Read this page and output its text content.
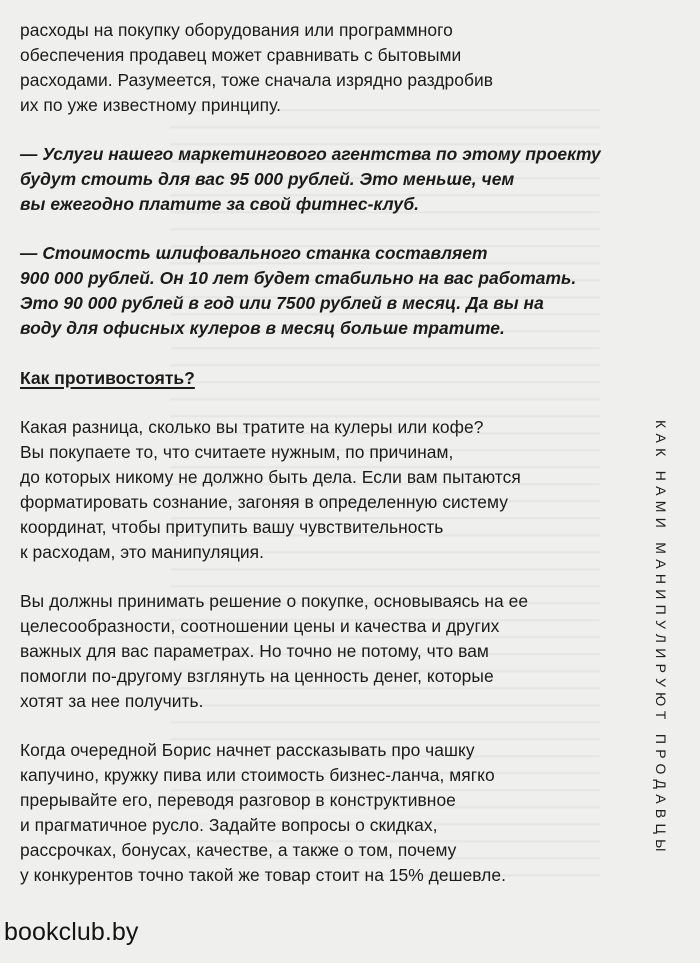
расходы на покупку оборудования или программного
обеспечения продавец может сравнивать с бытовыми
расходами. Разумеется, тоже сначала изрядно раздробив
их по уже известному принципу.

— Услуги нашего маркетингового агентства по этому проекту
будут стоить для вас 95 000 рублей. Это меньше, чем
вы ежегодно платите за свой фитнес-клуб.

— Стоимость шлифовального станка составляет
900 000 рублей. Он 10 лет будет стабильно на вас работать.
Это 90 000 рублей в год или 7500 рублей в месяц. Да вы на
воду для офисных кулеров в месяц больше тратите.

Как противостоять?

Какая разница, сколько вы тратите на кулеры или кофе?
Вы покупаете то, что считаете нужным, по причинам,
до которых никому не должно быть дела. Если вам пытаются
форматировать сознание, загоняя в определенную систему
координат, чтобы притупить вашу чувствительность
к расходам, это манипуляция.

Вы должны принимать решение о покупке, основываясь на ее
целесообразности, соотношении цены и качества и других
важных для вас параметрах. Но точно не потому, что вам
помогли по-другому взглянуть на ценность денег, которые
хотят за нее получить.

Когда очередной Борис начнет рассказывать про чашку
капучино, кружку пива или стоимость бизнес-ланча, мягко
прерывайте его, переводя разговор в конструктивное
и прагматичное русло. Задайте вопросы о скидках,
рассрочках, бонусах, качестве, а также о том, почему
у конкурентов точно такой же товар стоит на 15% дешевле.

КАК НАМИ МАНИПУЛИРУЮТ ПРОДАВЦЫ
bookclub.by
